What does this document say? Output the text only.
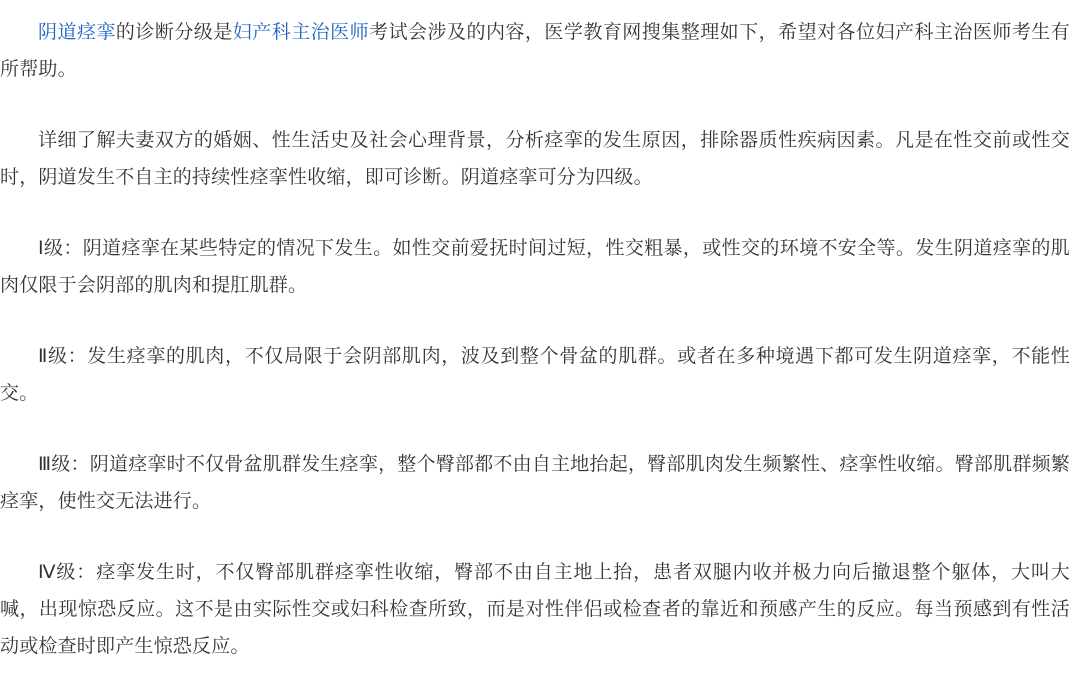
阴道痉挛的诊断分级是妇产科主治医师考试会涉及的内容，医学教育网搜集整理如下，希望对各位妇产科主治医师考生有所帮助。

详细了解夫妻双方的婚姻、性生活史及社会心理背景，分析痉挛的发生原因，排除器质性疾病因素。凡是在性交前或性交时，阴道发生不自主的持续性痉挛性收缩，即可诊断。阴道痉挛可分为四级。

Ⅰ级：阴道痉挛在某些特定的情况下发生。如性交前爱抚时间过短，性交粗暴，或性交的环境不安全等。发生阴道痉挛的肌肉仅限于会阴部的肌肉和提肛肌群。

Ⅱ级：发生痉挛的肌肉，不仅局限于会阴部肌肉，波及到整个骨盆的肌群。或者在多种境遇下都可发生阴道痉挛，不能性交。

Ⅲ级：阴道痉挛时不仅骨盆肌群发生痉挛，整个臀部都不由自主地抬起，臀部肌肉发生频繁性、痉挛性收缩。臀部肌群频繁痉挛，使性交无法进行。

Ⅳ级：痉挛发生时，不仅臀部肌群痉挛性收缩，臀部不由自主地上抬，患者双腿内收并极力向后撤退整个躯体，大叫大喊，出现惊恐反应。这不是由实际性交或妇科检查所致，而是对性伴侣或检查者的靠近和预感产生的反应。每当预感到有性活动或检查时即产生惊恐反应。
